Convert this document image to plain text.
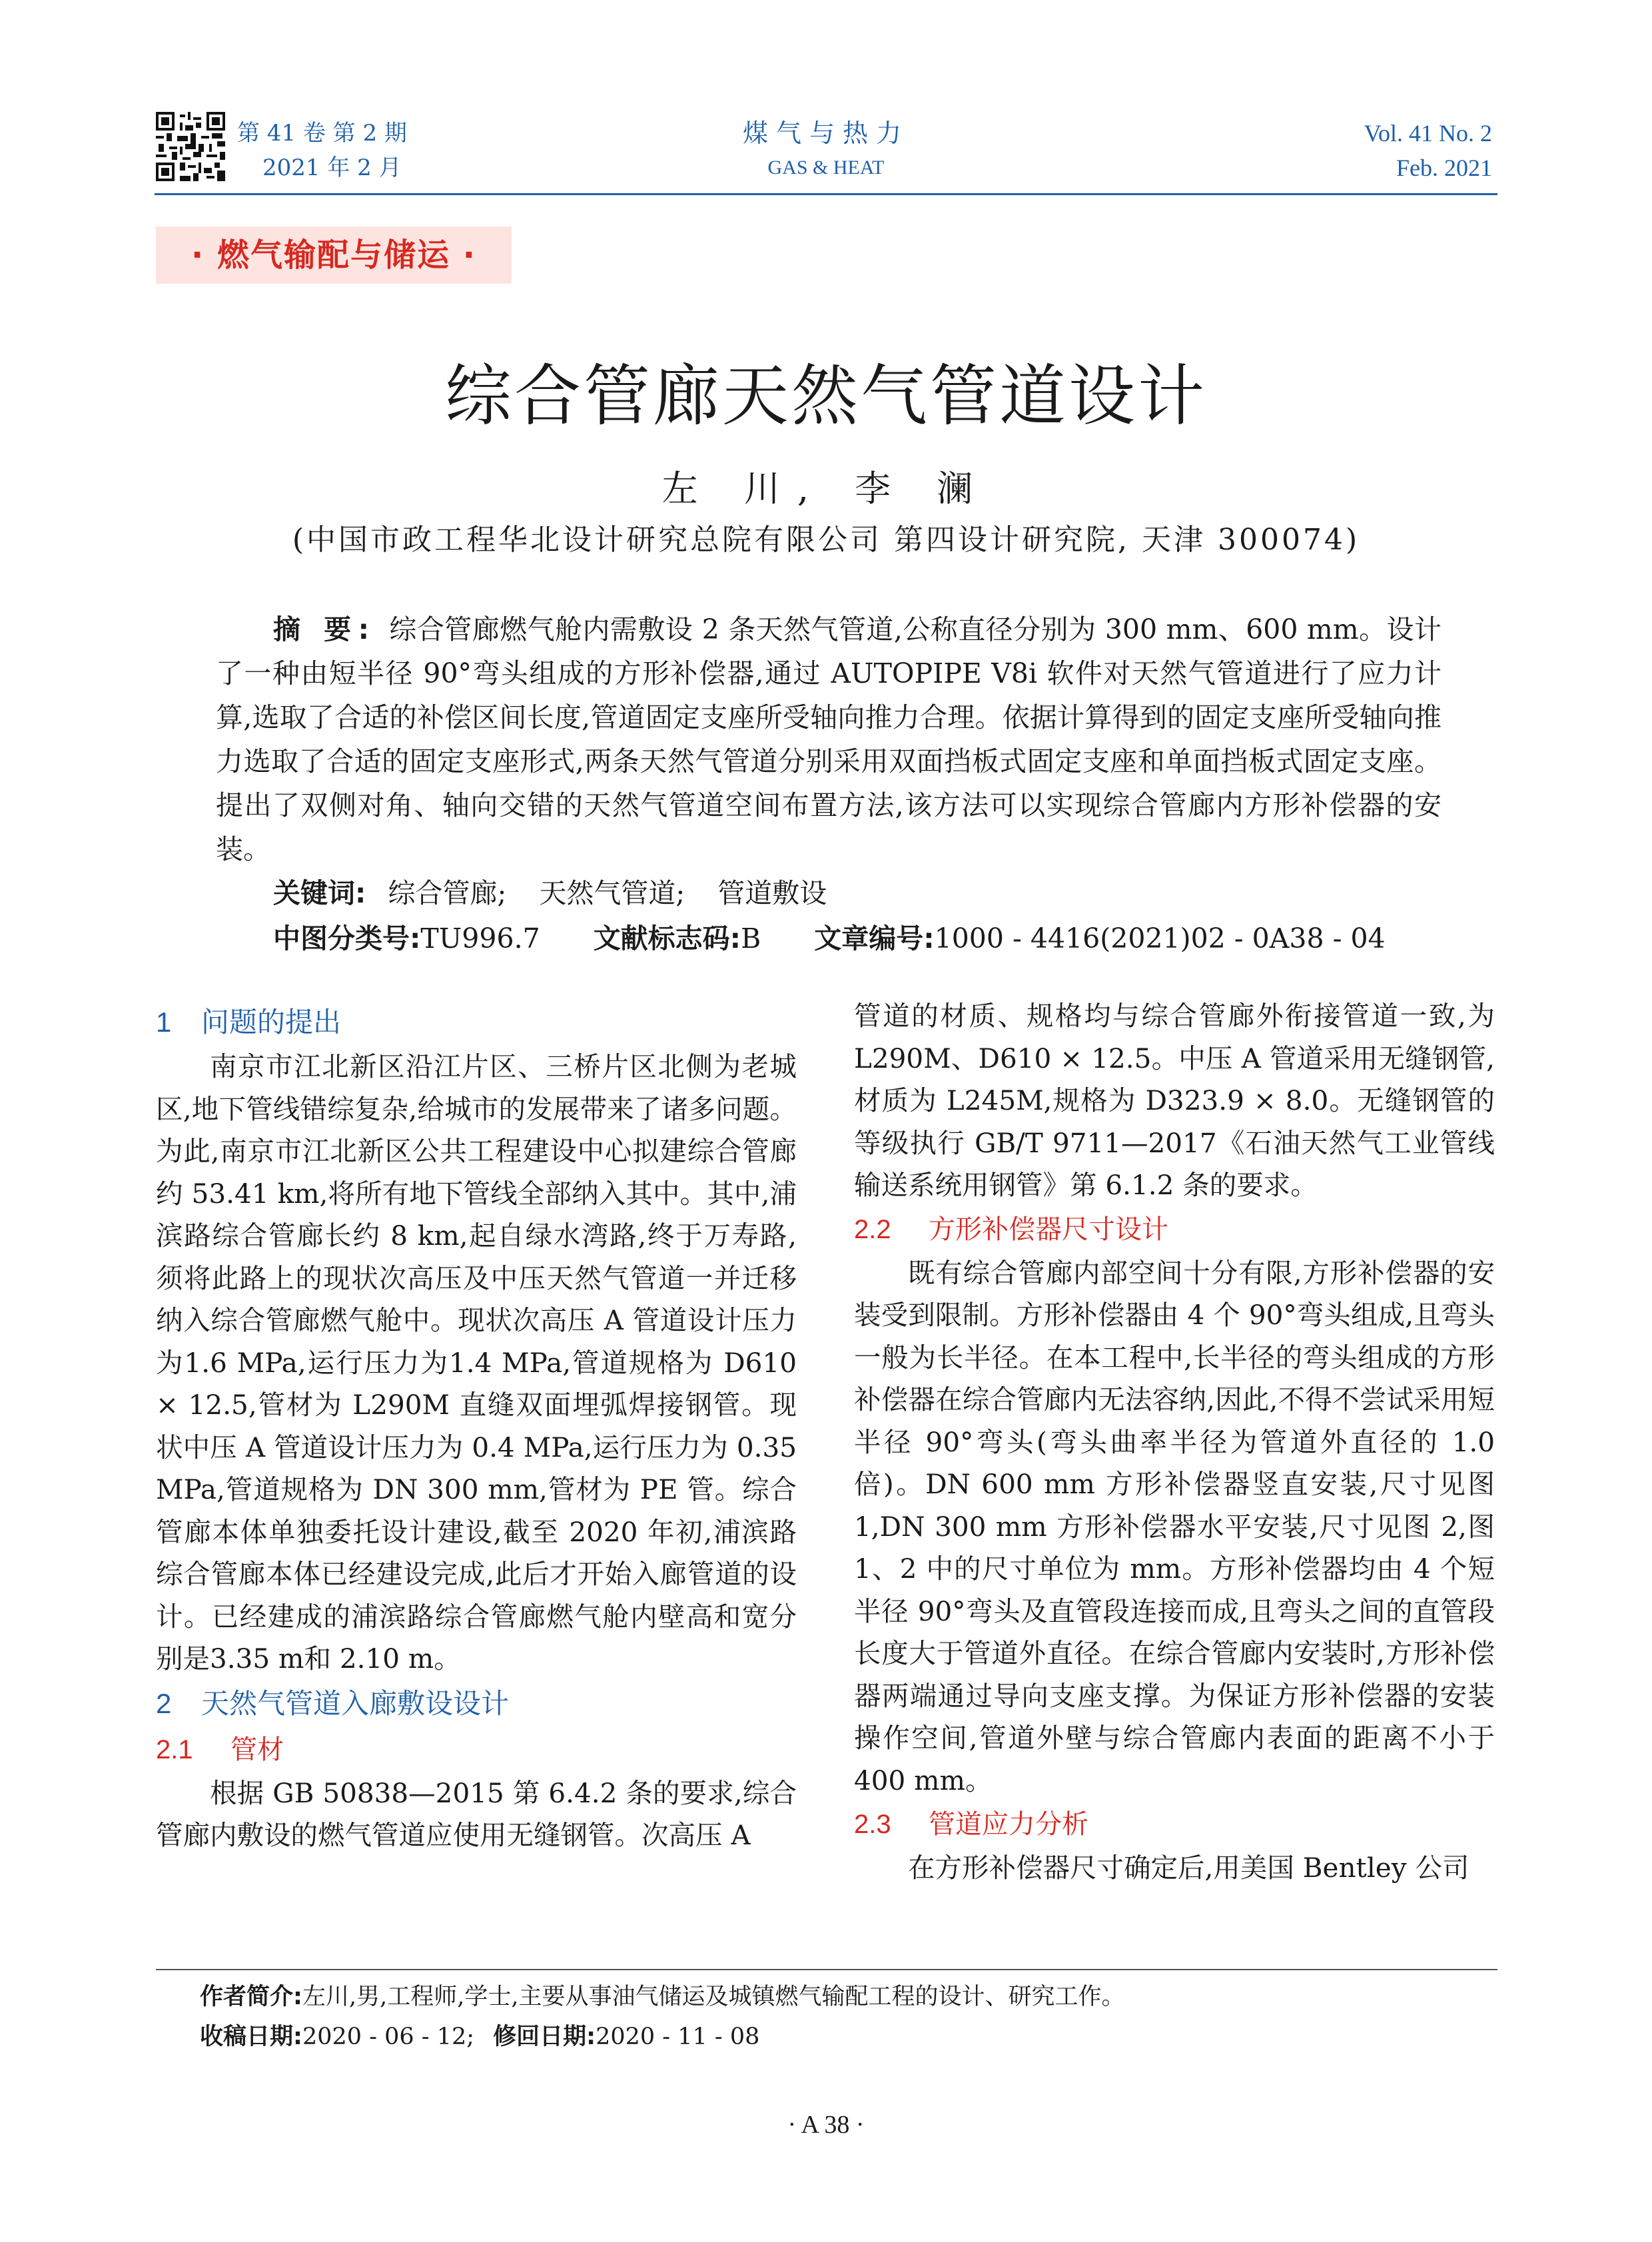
第 41 卷 第 2 期
2021 年 2 月
煤气与热力
GAS & HEAT
Vol. 41 No. 2
Feb. 2021
· 燃气输配与储运 ·
综合管廊天然气管道设计
左 川, 李 澜
(中国市政工程华北设计研究总院有限公司 第四设计研究院, 天津 300074)
摘 要: 综合管廊燃气舱内需敷设 2 条天然气管道,公称直径分别为 300 mm、600 mm。设计了一种由短半径 90°弯头组成的方形补偿器,通过 AUTOPIPE V8i 软件对天然气管道进行了应力计算,选取了合适的补偿区间长度,管道固定支座所受轴向推力合理。依据计算得到的固定支座所受轴向推力选取了合适的固定支座形式,两条天然气管道分别采用双面挡板式固定支座和单面挡板式固定支座。提出了双侧对角、轴向交错的天然气管道空间布置方法,该方法可以实现综合管廊内方形补偿器的安装。
关键词: 综合管廊; 天然气管道; 管道敷设
中图分类号:TU996.7 文献标志码:B 文章编号:1000 - 4416(2021)02 - 0A38 - 04
1 问题的提出

南京市江北新区沿江片区、三桥片区北侧为老城区,地下管线错综复杂,给城市的发展带来了诸多问题。为此,南京市江北新区公共工程建设中心拟建综合管廊约 53.41 km,将所有地下管线全部纳入其中。其中,浦滨路综合管廊长约 8 km,起自绿水湾路,终于万寿路,须将此路上的现状次高压及中压天然气管道一并迁移纳入综合管廊燃气舱中。现状次高压 A 管道设计压力为1.6 MPa,运行压力为1.4 MPa,管道规格为 D610 × 12.5,管材为 L290M 直缝双面埋弧焊接钢管。现状中压 A 管道设计压力为 0.4 MPa,运行压力为 0.35 MPa,管道规格为 DN 300 mm,管材为 PE 管。综合管廊本体单独委托设计建设,截至 2020 年初,浦滨路综合管廊本体已经建设完成,此后才开始入廊管道的设计。已经建成的浦滨路综合管廊燃气舱内壁高和宽分别是3.35 m和 2.10 m。

2 天然气管道入廊敷设设计
2.1 管材

根据 GB 50838—2015 第 6.4.2 条的要求,综合管廊内敷设的燃气管道应使用无缝钢管。次高压 A

管道的材质、规格均与综合管廊外衔接管道一致,为 L290M、D610 × 12.5。中压 A 管道采用无缝钢管,材质为 L245M,规格为 D323.9 × 8.0。无缝钢管的等级执行 GB/T 9711—2017《石油天然气工业管线输送系统用钢管》第 6.1.2 条的要求。

2.2 方形补偿器尺寸设计

既有综合管廊内部空间十分有限,方形补偿器的安装受到限制。方形补偿器由 4 个 90°弯头组成,且弯头一般为长半径。在本工程中,长半径的弯头组成的方形补偿器在综合管廊内无法容纳,因此,不得不尝试采用短半径 90°弯头(弯头曲率半径为管道外直径的 1.0 倍)。DN 600 mm 方形补偿器竖直安装,尺寸见图 1,DN 300 mm 方形补偿器水平安装,尺寸见图 2,图 1、2 中的尺寸单位为 mm。方形补偿器均由 4 个短半径 90°弯头及直管段连接而成,且弯头之间的直管段长度大于管道外直径。在综合管廊内安装时,方形补偿器两端通过导向支座支撑。为保证方形补偿器的安装操作空间,管道外壁与综合管廊内表面的距离不小于 400 mm。

2.3 管道应力分析

在方形补偿器尺寸确定后,用美国 Bentley 公司

作者简介:左川,男,工程师,学士,主要从事油气储运及城镇燃气输配工程的设计、研究工作。
收稿日期:2020 - 06 - 12; 修回日期:2020 - 11 - 08
· A 38 ·
